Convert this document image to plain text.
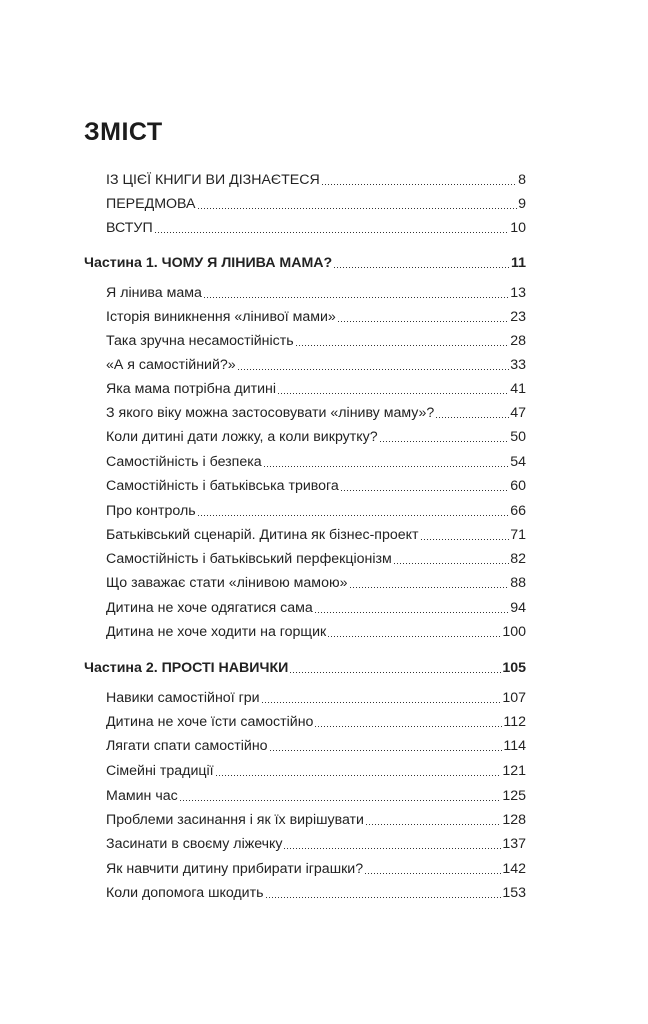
ЗМІСТ
ІЗ ЦІЄЇ КНИГИ ВИ ДІЗНАЄТЕСЯ	8
ПЕРЕДМОВА	9
ВСТУП	10
Частина 1. ЧОМУ Я ЛІНИВА МАМА?	11
Я лінива мама	13
Історія виникнення «лінивої мами»	23
Така зручна несамостійність	28
«А я самостійний?»	33
Яка мама потрібна дитині	41
З якого віку можна застосовувати «ліниву маму»?	47
Коли дитині дати ложку, а коли викрутку?	50
Самостійність і безпека	54
Самостійність і батьківська тривога	60
Про контроль	66
Батьківський сценарій. Дитина як бізнес-проект	71
Самостійність і батьківський перфекціонізм	82
Що заважає стати «лінивою мамою»	88
Дитина не хоче одягатися сама	94
Дитина не хоче ходити на горщик	100
Частина 2. ПРОСТІ НАВИЧКИ	105
Навики самостійної гри	107
Дитина не хоче їсти самостійно	112
Лягати спати самостійно	114
Сімейні традиції	121
Мамин час	125
Проблеми засинання і як їх вирішувати	128
Засинати в своєму ліжечку	137
Як навчити дитину прибирати іграшки?	142
Коли допомога шкодить	153
